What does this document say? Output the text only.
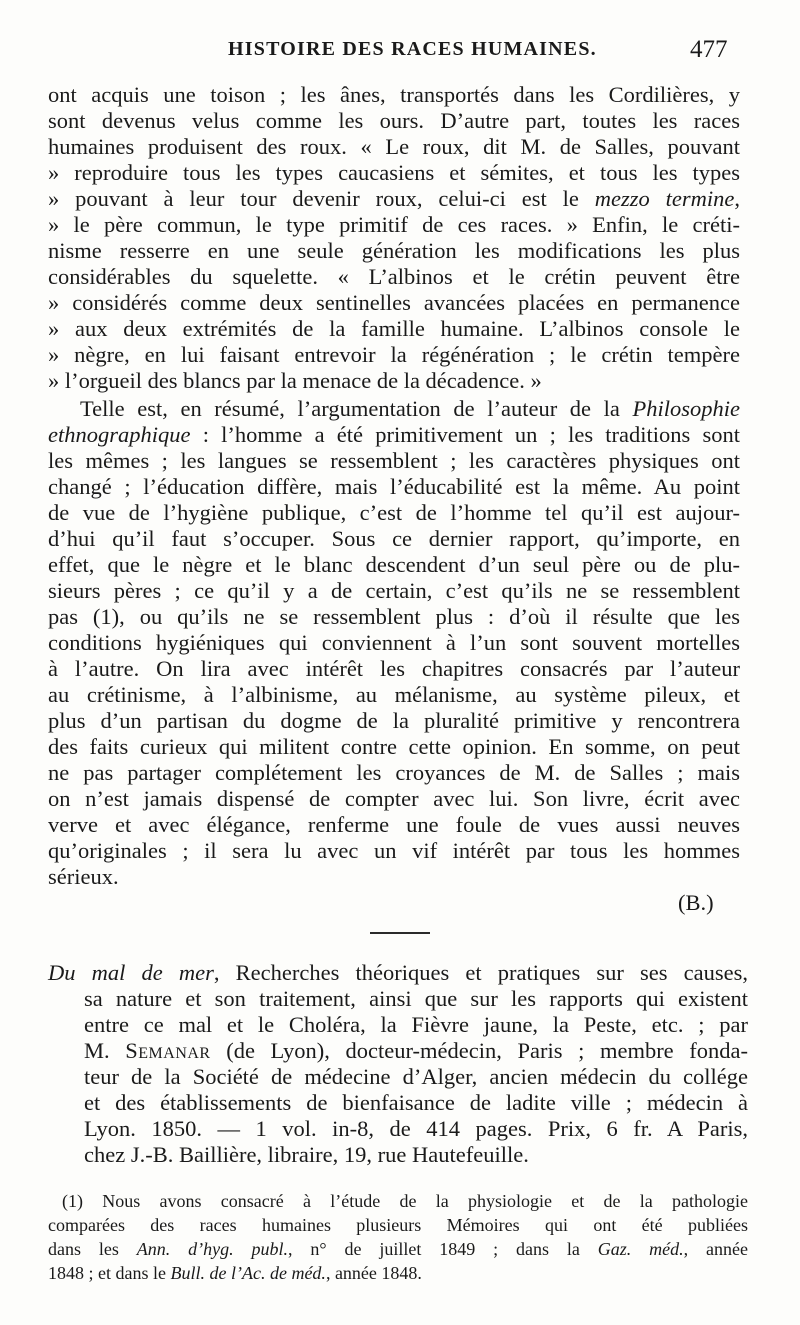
HISTOIRE DES RACES HUMAINES.	477
ont acquis une toison ; les ânes, transportés dans les Cordilières, y
sont devenus velus comme les ours. D’autre part, toutes les races
humaines produisent des roux. « Le roux, dit M. de Salles, pouvant
» reproduire tous les types caucasiens et sémites, et tous les types
» pouvant à leur tour devenir roux, celui-ci est le mezzo termine,
» le père commun, le type primitif de ces races. » Enfin, le créti-
nisme resserre en une seule génération les modifications les plus
considérables du squelette. « L’albinos et le crétin peuvent être
» considérés comme deux sentinelles avancées placées en permanence
» aux deux extrémités de la famille humaine. L’albinos console le
» nègre, en lui faisant entrevoir la régénération ; le crétin tempère
» l’orgueil des blancs par la menace de la décadence. »
Telle est, en résumé, l’argumentation de l’auteur de la Philosophie
ethnographique : l’homme a été primitivement un ; les traditions sont
les mêmes ; les langues se ressemblent ; les caractères physiques ont
changé ; l’éducation diffère, mais l’éducabilité est la même. Au point
de vue de l’hygiène publique, c’est de l’homme tel qu’il est aujour-
d’hui qu’il faut s’occuper. Sous ce dernier rapport, qu’importe, en
effet, que le nègre et le blanc descendent d’un seul père ou de plu-
sieurs pères ; ce qu’il y a de certain, c’est qu’ils ne se ressemblent
pas (1), ou qu’ils ne se ressemblent plus : d’où il résulte que les
conditions hygiéniques qui conviennent à l’un sont souvent mortelles
à l’autre. On lira avec intérêt les chapitres consacrés par l’auteur
au crétinisme, à l’albinisme, au mélanisme, au système pileux, et
plus d’un partisan du dogme de la pluralité primitive y rencontrera
des faits curieux qui militent contre cette opinion. En somme, on peut
ne pas partager complétement les croyances de M. de Salles ; mais
on n’est jamais dispensé de compter avec lui. Son livre, écrit avec
verve et avec élégance, renferme une foule de vues aussi neuves
qu’originales ; il sera lu avec un vif intérêt par tous les hommes
sérieux.
(B.)
Du mal de mer, Recherches théoriques et pratiques sur ses causes,
sa nature et son traitement, ainsi que sur les rapports qui existent
entre ce mal et le Choléra, la Fièvre jaune, la Peste, etc. ; par
M. Semanar (de Lyon), docteur-médecin, Paris ; membre fonda-
teur de la Société de médecine d’Alger, ancien médecin du collége
et des établissements de bienfaisance de ladite ville ; médecin à
Lyon. 1850. — 1 vol. in-8, de 414 pages. Prix, 6 fr. A Paris,
chez J.-B. Baillière, libraire, 19, rue Hautefeuille.
(1) Nous avons consacré à l’étude de la physiologie et de la pathologie
comparées des races humaines plusieurs Mémoires qui ont été publiées
dans les Ann. d’hyg. publ., n° de juillet 1849 ; dans la Gaz. méd., année
1848 ; et dans le Bull. de l’Ac. de méd., année 1848.
